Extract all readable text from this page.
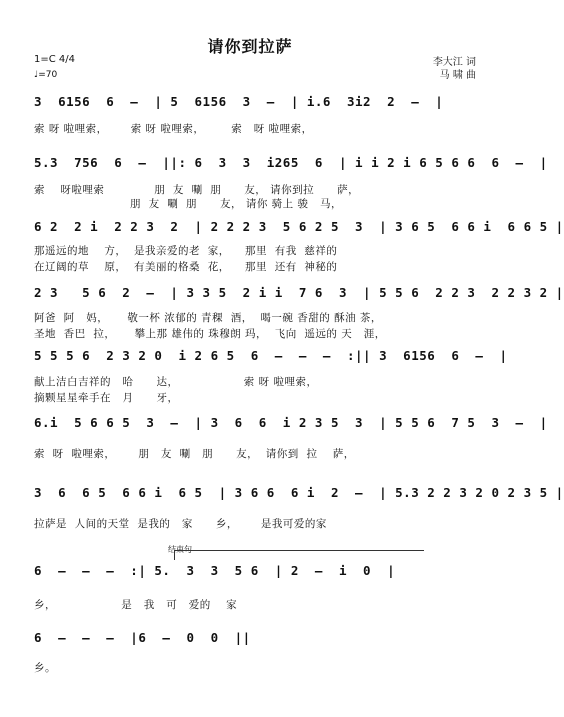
请你到拉萨
1=C 4/4
♩=70
李大江 词
马 啸 曲
3  6156  6  –  | 5  6156  3  –  | i.6  3i2  2  –  |
索 呀 啦哩索，      索 呀 啦哩索，       索   呀 啦哩索，
5.3  756  6  –  ||: 6  3  3  i265  6  | i i 2 i 6 5 6 6  6  –  |
索    呀啦哩索             朋  友  唰  朋      友， 请你到拉      萨，
朋  友  唰  朋      友， 请你 骑上 骏   马，
6 2  2 i  2 2 3  2  | 2 2 2 3  5 6 2 5  3  | 3 6 5  6 6 i  6 6 5 |
那遥远的地    方，  是我亲爱的老  家，    那里  有我  慈祥的
在辽阔的草    原，  有美丽的格桑  花，    那里  还有  神秘的
2 3   5 6  2  –  | 3 3 5  2 i i  7 6  3  | 5 5 6  2 2 3  2 2 3 2 |
阿爸  阿   妈，     敬一杯 浓郁的 青稞  酒，  喝一碗 香甜的 酥油 茶，
圣地  香巴  拉，     攀上那 雄伟的 珠穆朗 玛，  飞向  遥远的 天   涯，
5 5 5 6  2 3 2 0  i 2 6 5  6  –  –  –  :|| 3  6156  6  –  |
献上洁白吉祥的   哈      达，                 索 呀 啦哩索，
摘颗星星牵手在   月      牙，
6.i  5 6 6 5  3  –  | 3  6  6  i 2 3 5  3  | 5 5 6  7 5  3  –  |
索  呀  啦哩索，      朋   友  唰   朋      友，  请你到  拉    萨，
3  6  6 5  6 6 i  6 5  | 3 6 6  6 i  2  –  | 5.3 2 2 3 2 0 2 3 5 |
拉萨是  人间的天堂  是我的   家      乡，      是我可爱的家
结束句
6  –  –  –  :| 5.  3  3  5 6  | 2  –  i  0  |
乡，                 是   我   可   爱的    家
6  –  –  –  |6  –  0  0  ||
乡。
